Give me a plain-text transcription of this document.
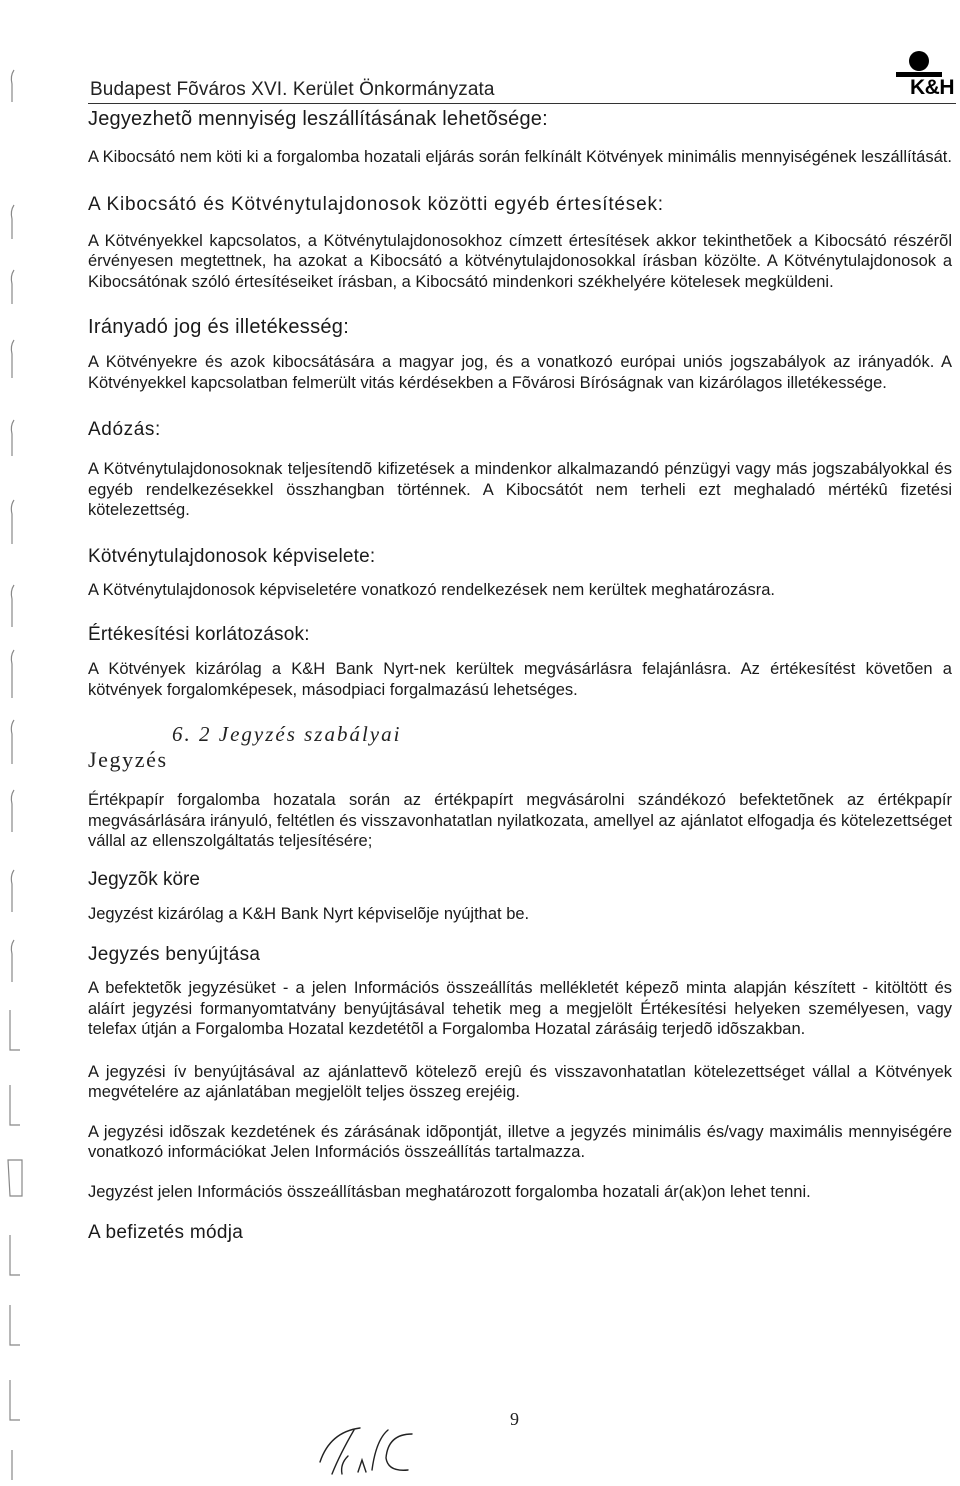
Budapest Fõváros XVI. Kerület Önkormányzata	K&H
Jegyezhetõ mennyiség leszállításának lehetõsége:

A Kibocsátó nem köti ki a forgalomba hozatali eljárás során felkínált Kötvények minimális mennyiségének leszállítását.

A Kibocsátó és Kötvénytulajdonosok közötti egyéb értesítések:

A Kötvényekkel kapcsolatos, a Kötvénytulajdonosokhoz címzett értesítések akkor tekinthetõek a Kibocsátó részérõl érvényesen megtettnek, ha azokat a Kibocsátó a kötvénytulajdonosokkal írásban közölte. A Kötvénytulajdonosok a Kibocsátónak szóló értesítéseiket írásban, a Kibocsátó mindenkori székhelyére kötelesek megküldeni.

Irányadó jog és illetékesség:

A Kötvényekre és azok kibocsátására a magyar jog, és a vonatkozó európai uniós jogszabályok az irányadók. A Kötvényekkel kapcsolatban felmerült vitás kérdésekben a Fõvárosi Bíróságnak van kizárólagos illetékessége.

Adózás:

A Kötvénytulajdonosoknak teljesítendõ kifizetések a mindenkor alkalmazandó pénzügyi vagy más jogszabályokkal és egyéb rendelkezésekkel összhangban történnek. A Kibocsátót nem terheli ezt meghaladó mértékû fizetési kötelezettség.

Kötvénytulajdonosok képviselete:

A Kötvénytulajdonosok képviseletére vonatkozó rendelkezések nem kerültek meghatározásra.

Értékesítési korlátozások:

A Kötvények kizárólag a K&H Bank Nyrt-nek kerültek megvásárlásra felajánlásra. Az értékesítést követõen a kötvények forgalomképesek, másodpiaci forgalmazású lehetséges.

6. 2 Jegyzés szabályai
Jegyzés

Értékpapír forgalomba hozatala során az értékpapírt megvásárolni szándékozó befektetõnek az értékpapír megvásárlására irányuló, feltétlen és visszavonhatatlan nyilatkozata, amellyel az ajánlatot elfogadja és kötelezettséget vállal az ellenszolgáltatás teljesítésére;

Jegyzõk köre

Jegyzést kizárólag a K&H Bank Nyrt képviselõje nyújthat be.

Jegyzés benyújtása

A befektetõk jegyzésüket - a jelen Információs összeállítás mellékletét képezõ minta alapján készített - kitöltött és aláírt jegyzési formanyomtatvány benyújtásával tehetik meg a megjelölt Értékesítési helyeken személyesen, vagy telefax útján a Forgalomba Hozatal kezdetétõl a Forgalomba Hozatal zárásáig terjedõ idõszakban.

A jegyzési ív benyújtásával az ajánlattevõ kötelezõ erejû és visszavonhatatlan kötelezettséget vállal a Kötvények megvételére az ajánlatában megjelölt teljes összeg erejéig.

A jegyzési idõszak kezdetének és zárásának idõpontját, illetve a jegyzés minimális és/vagy maximális mennyiségére vonatkozó információkat Jelen Információs összeállítás tartalmazza.

Jegyzést jelen Információs összeállításban meghatározott forgalomba hozatali ár(ak)on lehet tenni.

A befizetés módja
9
